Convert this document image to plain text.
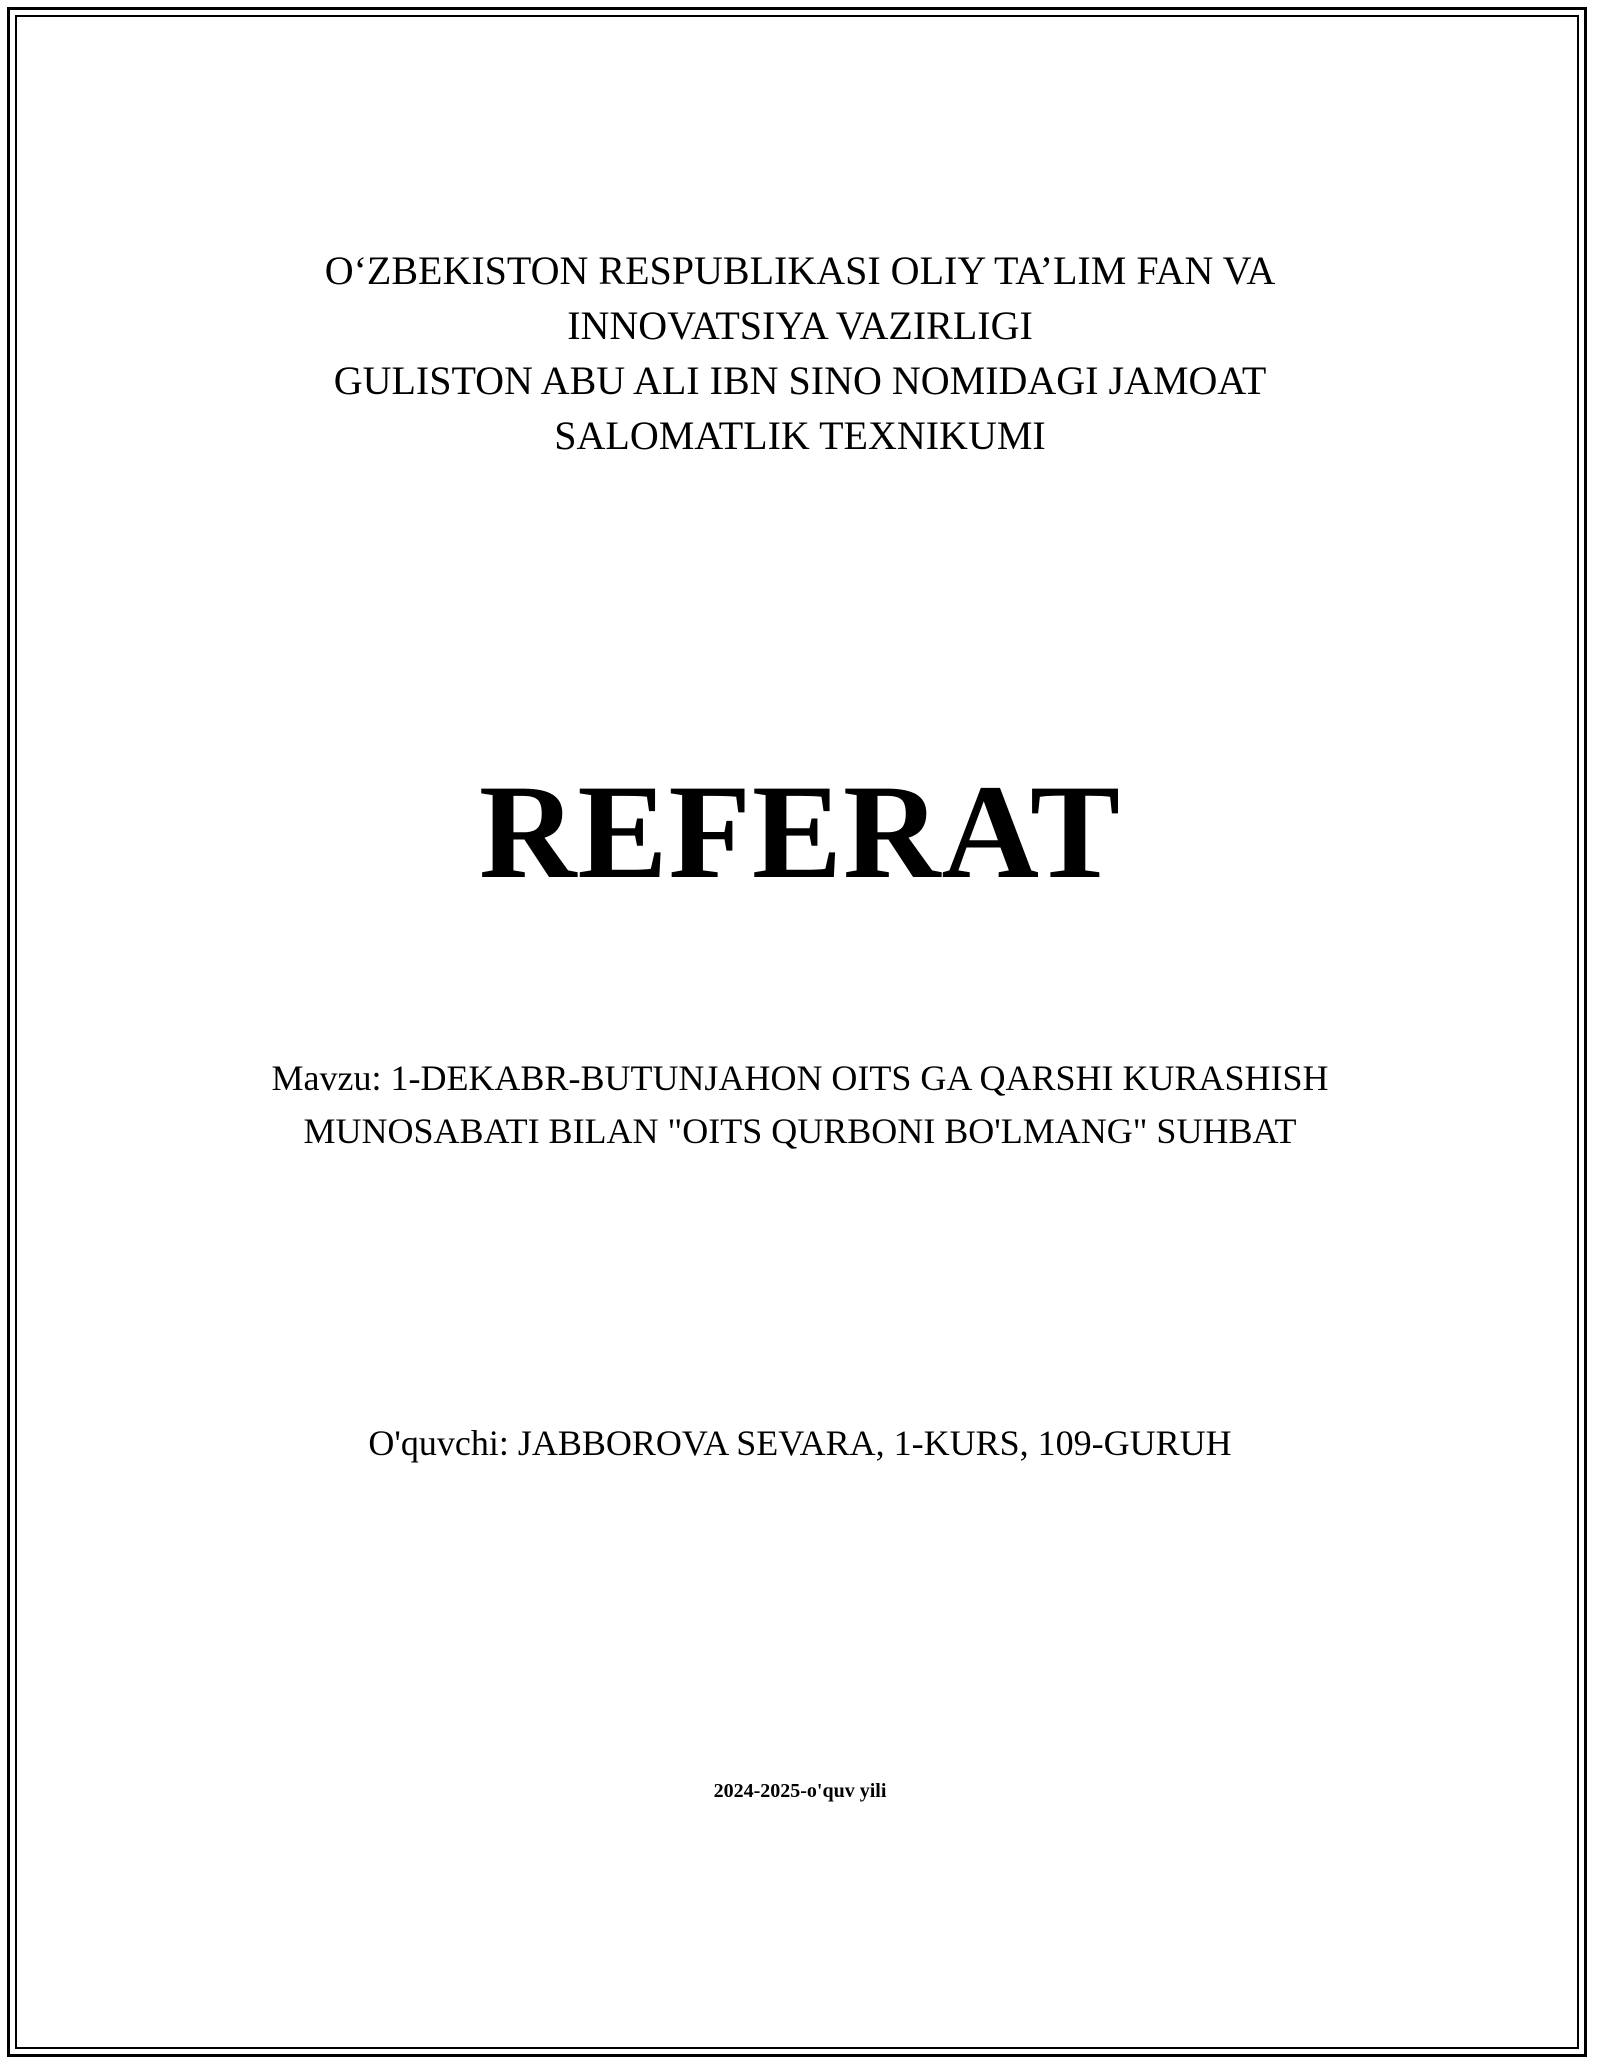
O‘ZBEKISTON RESPUBLIKASI OLIY TA’LIM FAN VA
INNOVATSIYA VAZIRLIGI
GULISTON ABU ALI IBN SINO NOMIDAGI JAMOAT
SALOMATLIK TEXNIKUMI
REFERAT
Mavzu: 1-DEKABR-BUTUNJAHON OITS GA QARSHI KURASHISH
MUNOSABATI BILAN "OITS QURBONI BO'LMANG" SUHBAT
O'quvchi: JABBOROVA SEVARA, 1-KURS, 109-GURUH
2024-2025-o'quv yili
